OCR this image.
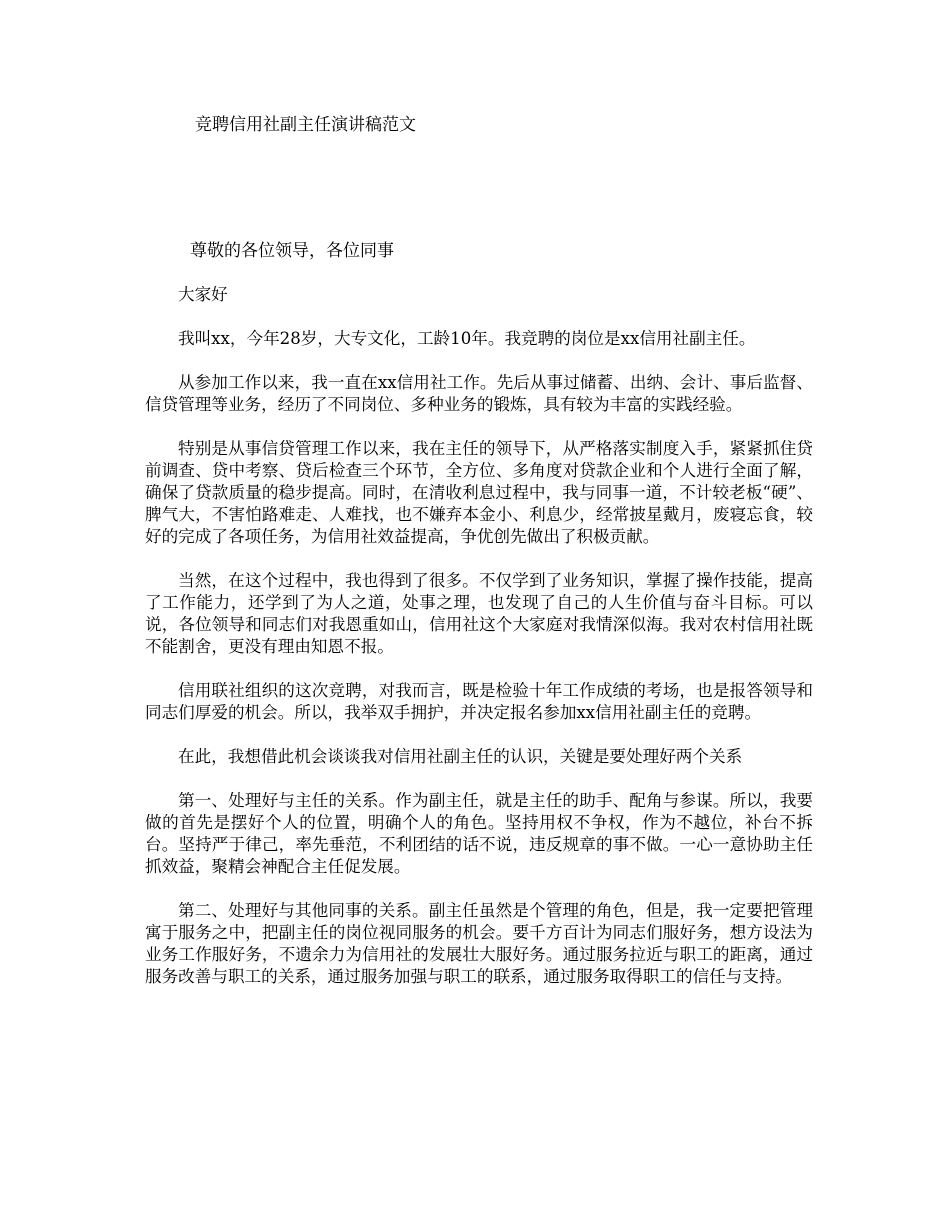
竞聘信用社副主任演讲稿范文
尊敬的各位领导，各位同事

大家好

我叫xx，今年28岁，大专文化，工龄10年。我竞聘的岗位是xx信用社副主任。

从参加工作以来，我一直在xx信用社工作。先后从事过储蓄、出纳、会计、事后监督、信贷管理等业务，经历了不同岗位、多种业务的锻炼，具有较为丰富的实践经验。

特别是从事信贷管理工作以来，我在主任的领导下，从严格落实制度入手，紧紧抓住贷前调查、贷中考察、贷后检查三个环节，全方位、多角度对贷款企业和个人进行全面了解，确保了贷款质量的稳步提高。同时，在清收利息过程中，我与同事一道，不计较老板“硬”、脾气大，不害怕路难走、人难找，也不嫌弃本金小、利息少，经常披星戴月，废寝忘食，较好的完成了各项任务，为信用社效益提高，争优创先做出了积极贡献。

当然，在这个过程中，我也得到了很多。不仅学到了业务知识，掌握了操作技能，提高了工作能力，还学到了为人之道，处事之理，也发现了自己的人生价值与奋斗目标。可以说，各位领导和同志们对我恩重如山，信用社这个大家庭对我情深似海。我对农村信用社既不能割舍，更没有理由知恩不报。

信用联社组织的这次竞聘，对我而言，既是检验十年工作成绩的考场，也是报答领导和同志们厚爱的机会。所以，我举双手拥护，并决定报名参加xx信用社副主任的竞聘。

在此，我想借此机会谈谈我对信用社副主任的认识，关键是要处理好两个关系

第一、处理好与主任的关系。作为副主任，就是主任的助手、配角与参谋。所以，我要做的首先是摆好个人的位置，明确个人的角色。坚持用权不争权，作为不越位，补台不拆台。坚持严于律己，率先垂范，不利团结的话不说，违反规章的事不做。一心一意协助主任抓效益，聚精会神配合主任促发展。

第二、处理好与其他同事的关系。副主任虽然是个管理的角色，但是，我一定要把管理寓于服务之中，把副主任的岗位视同服务的机会。要千方百计为同志们服好务，想方设法为业务工作服好务，不遗余力为信用社的发展壮大服好务。通过服务拉近与职工的距离，通过服务改善与职工的关系，通过服务加强与职工的联系，通过服务取得职工的信任与支持。
